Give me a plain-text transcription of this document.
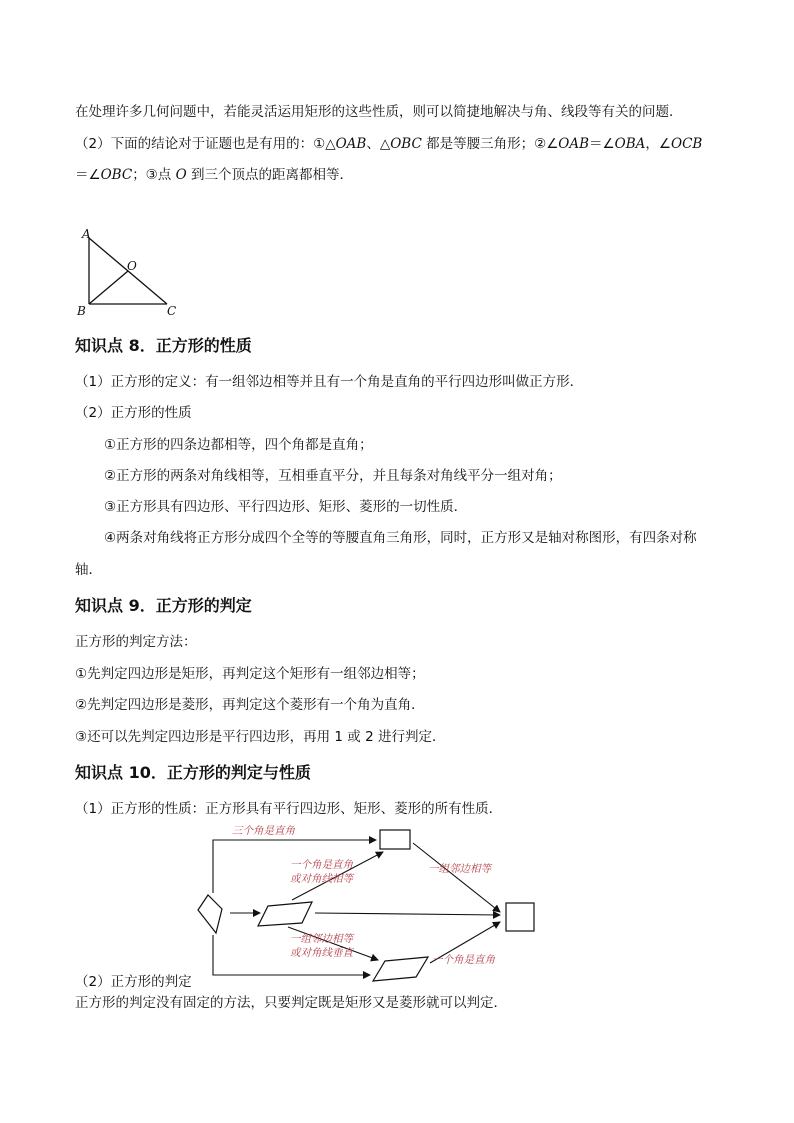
在处理许多几何问题中，若能灵活运用矩形的这些性质，则可以简捷地解决与角、线段等有关的问题．
（2）下面的结论对于证题也是有用的：①△OAB、△OBC 都是等腰三角形；②∠OAB＝∠OBA，∠OCB
＝∠OBC；③点 O 到三个顶点的距离都相等．
A
O
B	C
知识点 8．正方形的性质
（1）正方形的定义：有一组邻边相等并且有一个角是直角的平行四边形叫做正方形．
（2）正方形的性质
①正方形的四条边都相等，四个角都是直角；
②正方形的两条对角线相等，互相垂直平分，并且每条对角线平分一组对角；
③正方形具有四边形、平行四边形、矩形、菱形的一切性质．
④两条对角线将正方形分成四个全等的等腰直角三角形，同时，正方形又是轴对称图形，有四条对称
轴．
知识点 9．正方形的判定
正方形的判定方法：
①先判定四边形是矩形，再判定这个矩形有一组邻边相等；
②先判定四边形是菱形，再判定这个菱形有一个角为直角．
③还可以先判定四边形是平行四边形，再用 1 或 2 进行判定．
知识点 10．正方形的判定与性质
（1）正方形的性质：正方形具有平行四边形、矩形、菱形的所有性质．
三个角是直角
一个角是直角
或对角线相等
一组邻边相等
一组邻边相等
或对角线垂直
一个角是直角
（2）正方形的判定
正方形的判定没有固定的方法，只要判定既是矩形又是菱形就可以判定．
